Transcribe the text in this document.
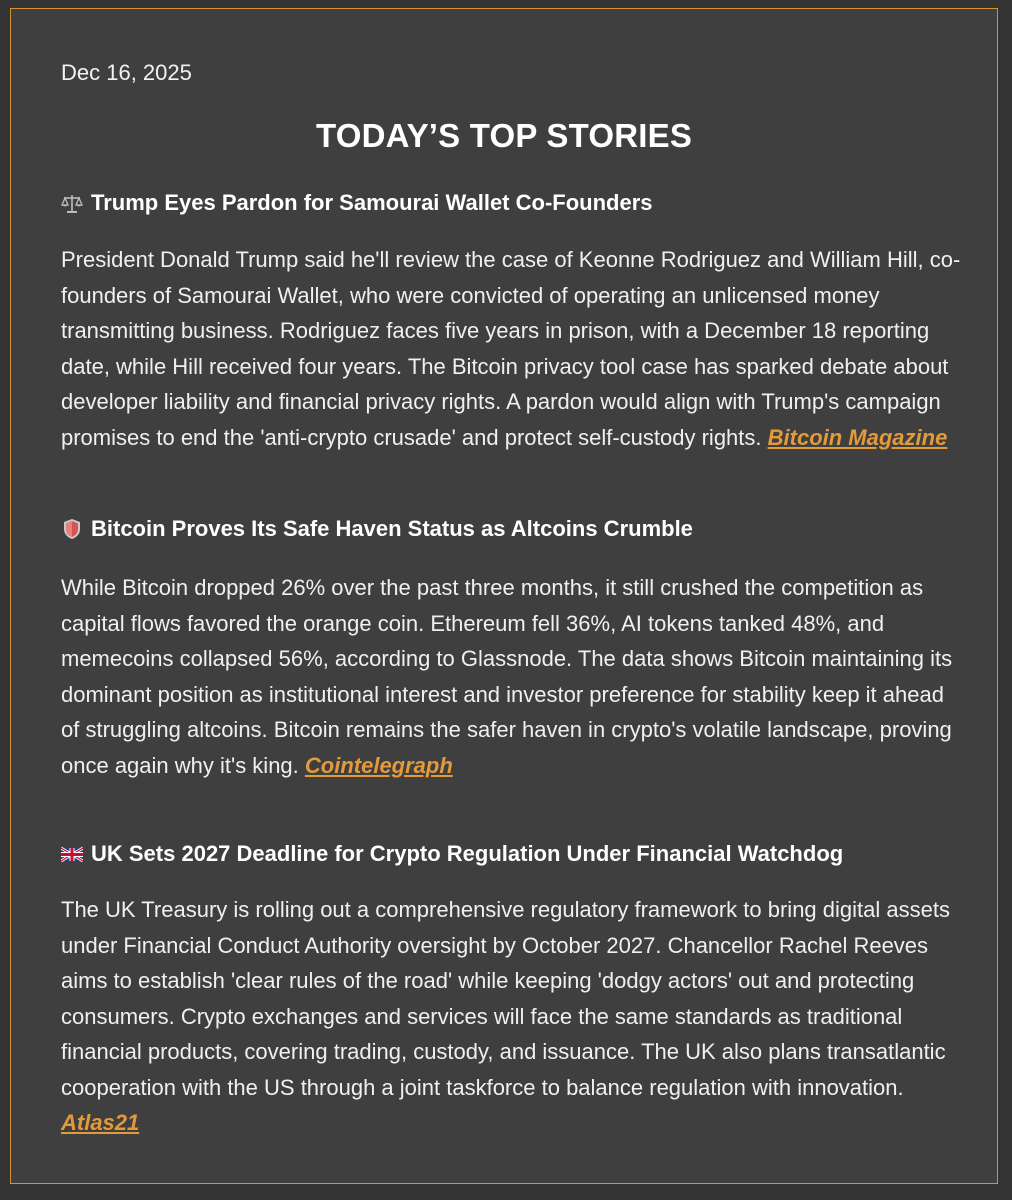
Dec 16, 2025
TODAY’S TOP STORIES
Trump Eyes Pardon for Samourai Wallet Co-Founders
President Donald Trump said he'll review the case of Keonne Rodriguez and William Hill, co-founders of Samourai Wallet, who were convicted of operating an unlicensed money transmitting business. Rodriguez faces five years in prison, with a December 18 reporting date, while Hill received four years. The Bitcoin privacy tool case has sparked debate about developer liability and financial privacy rights. A pardon would align with Trump's campaign promises to end the 'anti-crypto crusade' and protect self-custody rights. Bitcoin Magazine
Bitcoin Proves Its Safe Haven Status as Altcoins Crumble
While Bitcoin dropped 26% over the past three months, it still crushed the competition as capital flows favored the orange coin. Ethereum fell 36%, AI tokens tanked 48%, and memecoins collapsed 56%, according to Glassnode. The data shows Bitcoin maintaining its dominant position as institutional interest and investor preference for stability keep it ahead of struggling altcoins. Bitcoin remains the safer haven in crypto's volatile landscape, proving once again why it's king. Cointelegraph
UK Sets 2027 Deadline for Crypto Regulation Under Financial Watchdog
The UK Treasury is rolling out a comprehensive regulatory framework to bring digital assets under Financial Conduct Authority oversight by October 2027. Chancellor Rachel Reeves aims to establish 'clear rules of the road' while keeping 'dodgy actors' out and protecting consumers. Crypto exchanges and services will face the same standards as traditional financial products, covering trading, custody, and issuance. The UK also plans transatlantic cooperation with the US through a joint taskforce to balance regulation with innovation. Atlas21
